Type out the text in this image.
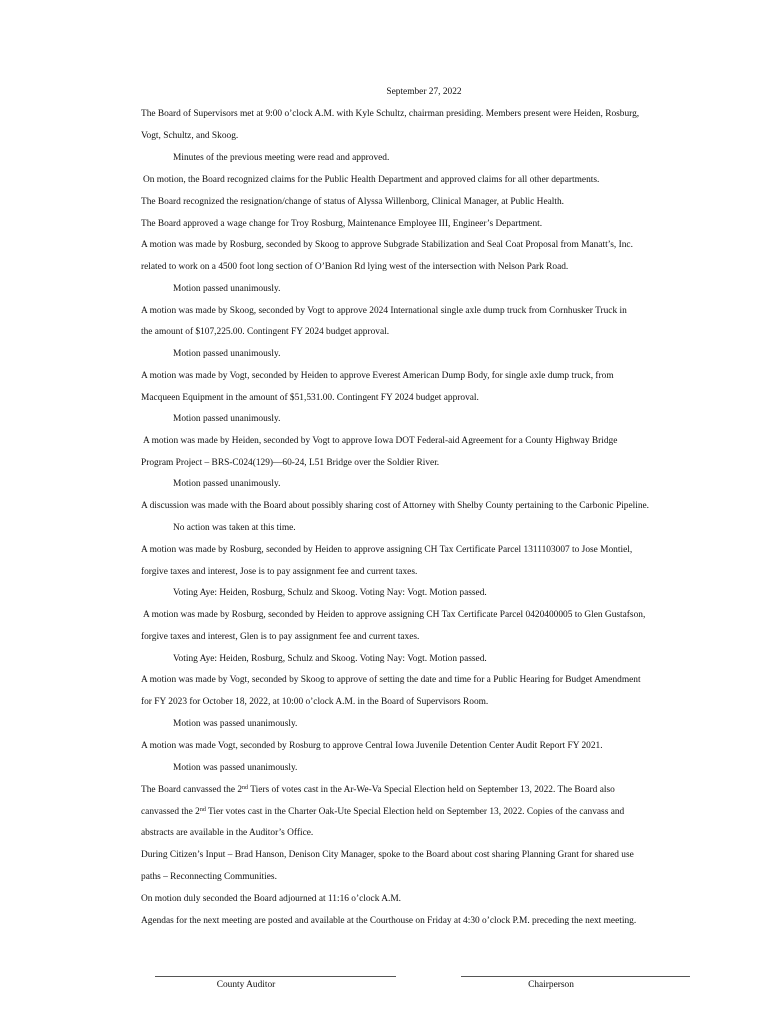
September 27, 2022
The Board of Supervisors met at 9:00 o’clock A.M. with Kyle Schultz, chairman presiding. Members present were Heiden, Rosburg,
Vogt, Schultz, and Skoog.
Minutes of the previous meeting were read and approved.
On motion, the Board recognized claims for the Public Health Department and approved claims for all other departments.
The Board recognized the resignation/change of status of Alyssa Willenborg, Clinical Manager, at Public Health.
The Board approved a wage change for Troy Rosburg, Maintenance Employee III, Engineer’s Department.
A motion was made by Rosburg, seconded by Skoog to approve Subgrade Stabilization and Seal Coat Proposal from Manatt’s, Inc.
related to work on a 4500 foot long section of O’Banion Rd lying west of the intersection with Nelson Park Road.
Motion passed unanimously.
A motion was made by Skoog, seconded by Vogt to approve 2024 International single axle dump truck from Cornhusker Truck in
the amount of $107,225.00. Contingent FY 2024 budget approval.
Motion passed unanimously.
A motion was made by Vogt, seconded by Heiden to approve Everest American Dump Body, for single axle dump truck, from
Macqueen Equipment in the amount of $51,531.00. Contingent FY 2024 budget approval.
Motion passed unanimously.
A motion was made by Heiden, seconded by Vogt to approve Iowa DOT Federal-aid Agreement for a County Highway Bridge
Program Project – BRS-C024(129)—60-24, L51 Bridge over the Soldier River.
Motion passed unanimously.
A discussion was made with the Board about possibly sharing cost of Attorney with Shelby County pertaining to the Carbonic Pipeline.
No action was taken at this time.
A motion was made by Rosburg, seconded by Heiden to approve assigning CH Tax Certificate Parcel 1311103007 to Jose Montiel,
forgive taxes and interest, Jose is to pay assignment fee and current taxes.
Voting Aye: Heiden, Rosburg, Schulz and Skoog. Voting Nay: Vogt. Motion passed.
A motion was made by Rosburg, seconded by Heiden to approve assigning CH Tax Certificate Parcel 0420400005 to Glen Gustafson,
forgive taxes and interest, Glen is to pay assignment fee and current taxes.
Voting Aye: Heiden, Rosburg, Schulz and Skoog. Voting Nay: Vogt. Motion passed.
A motion was made by Vogt, seconded by Skoog to approve of setting the date and time for a Public Hearing for Budget Amendment
for FY 2023 for October 18, 2022, at 10:00 o’clock A.M. in the Board of Supervisors Room.
Motion was passed unanimously.
A motion was made Vogt, seconded by Rosburg to approve Central Iowa Juvenile Detention Center Audit Report FY 2021.
Motion was passed unanimously.
The Board canvassed the 2nd Tiers of votes cast in the Ar-We-Va Special Election held on September 13, 2022. The Board also
canvassed the 2nd Tier votes cast in the Charter Oak-Ute Special Election held on September 13, 2022. Copies of the canvass and
abstracts are available in the Auditor’s Office.
During Citizen’s Input – Brad Hanson, Denison City Manager, spoke to the Board about cost sharing Planning Grant for shared use
paths – Reconnecting Communities.
On motion duly seconded the Board adjourned at 11:16 o’clock A.M.
Agendas for the next meeting are posted and available at the Courthouse on Friday at 4:30 o’clock P.M. preceding the next meeting.
County Auditor	Chairperson
